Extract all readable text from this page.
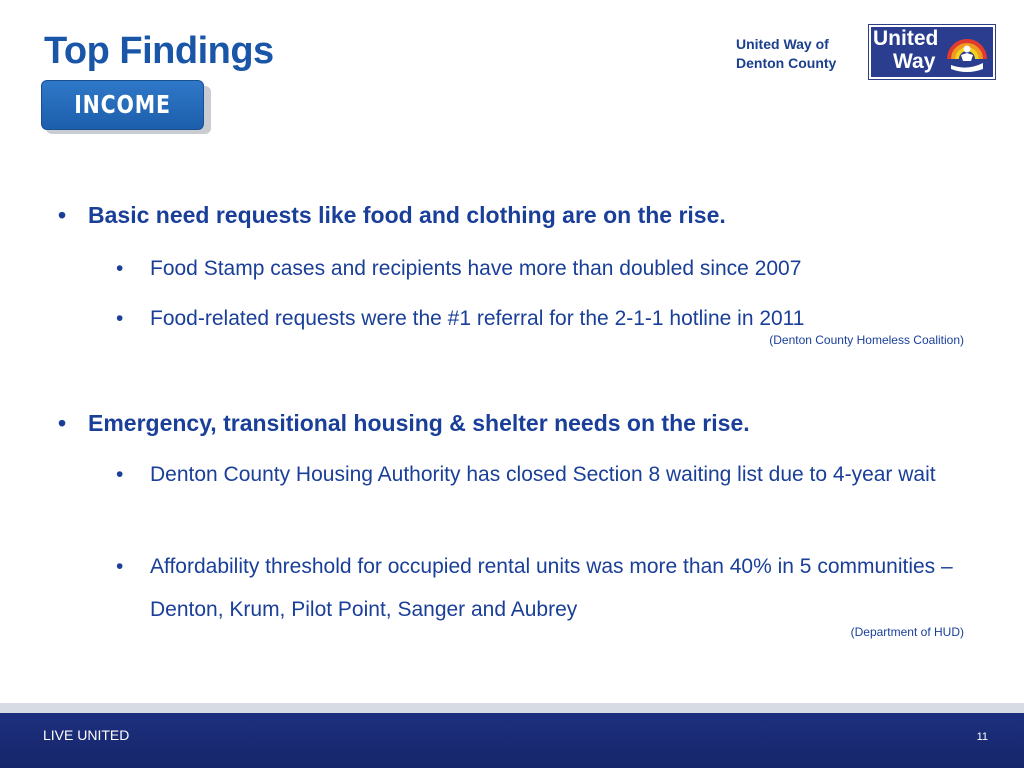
Top Findings
INCOME
United Way of
Denton County
United
Way
• Basic need requests like food and clothing are on the rise.
• Food Stamp cases and recipients have more than doubled since 2007
• Food-related requests were the #1 referral for the 2-1-1 hotline in 2011
(Denton County Homeless Coalition)
• Emergency, transitional housing & shelter needs on the rise.
• Denton County Housing Authority has closed Section 8 waiting list due to 4-year wait
• Affordability threshold for occupied rental units was more than 40% in 5 communities – Denton, Krum, Pilot Point, Sanger and Aubrey
(Department of HUD)
LIVE UNITED	11
